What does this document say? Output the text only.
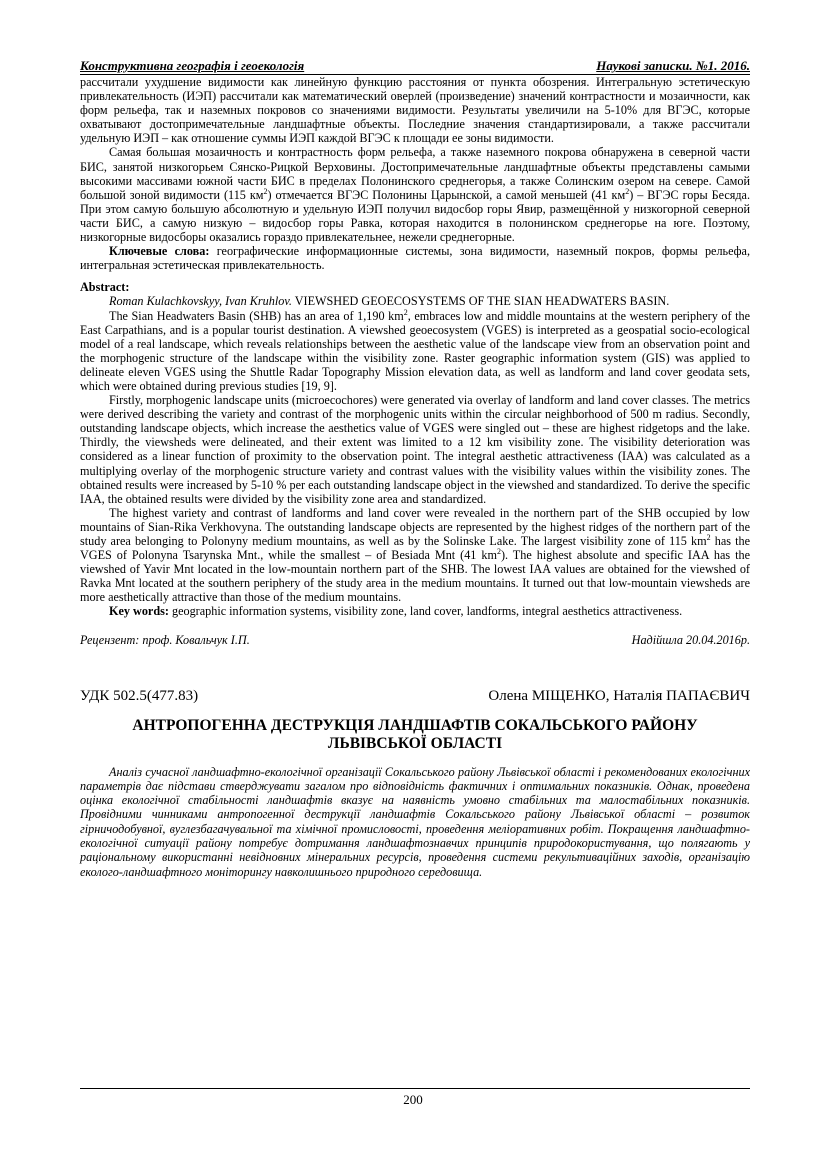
Конструктивна географія і геоекологія	Наукові записки. №1. 2016.

рассчитали ухудшение видимости как линейную функцию расстояния от пункта обозрения. Интегральную эстетическую привлекательность (ИЭП) рассчитали как математический оверлей (произведение) значений контрастности и мозаичности, как форм рельефа, так и наземных покровов со значениями видимости. Результаты увеличили на 5-10% для ВГЭС, которые охватывают достопримечательные ландшафтные объекты. Последние значения стандартизировали, а также рассчитали удельную ИЭП – как отношение суммы ИЭП каждой ВГЭС к площади ее зоны видимости.

Самая большая мозаичность и контрастность форм рельефа, а также наземного покрова обнаружена в северной части БИС, занятой низкогорьем Сянско-Рицкой Верховины. Достопримечательные ландшафтные объекты представлены самыми высокими массивами южной части БИС в пределах Полонинского среднегорья, а также Солинским озером на севере. Самой большой зоной видимости (115 $км^2$) отмечается ВГЭС Полонины Царынской, а самой меньшей (41 $км^2$) – ВГЭС горы Бесяда. При этом самую большую абсолютную и удельную ИЭП получил видосбор горы Явир, размещённой у низкогорной северной части БИС, а самую низкую – видосбор горы Равка, которая находится в полонинском среднегорье на юге. Поэтому, низкогорные видосборы оказались гораздо привлекательнее, нежели среднегорные.

Ключевые слова: географические информационные системы, зона видимости, наземный покров, формы рельефа, интегральная эстетическая привлекательность.

Abstract:

Roman Kulachkovskyy, Ivan Kruhlov. VIEWSHED GEOECOSYSTEMS OF THE SIAN HEADWATERS BASIN.

The Sian Headwaters Basin (SHB) has an area of 1,190 $km^2$, embraces low and middle mountains at the western periphery of the East Carpathians, and is a popular tourist destination. A viewshed geoecosystem (VGES) is interpreted as a geospatial socio-ecological model of a real landscape, which reveals relationships between the aesthetic value of the landscape view from an observation point and the morphogenic structure of the landscape within the visibility zone. Raster geographic information system (GIS) was applied to delineate eleven VGES using the Shuttle Radar Topography Mission elevation data, as well as landform and land cover geodata sets, which were obtained during previous studies [19, 9].

Firstly, morphogenic landscape units (microecochores) were generated via overlay of landform and land cover classes. The metrics were derived describing the variety and contrast of the morphogenic units within the circular neighborhood of 500 m radius. Secondly, outstanding landscape objects, which increase the aesthetics value of VGES were singled out – these are highest ridgetops and the lake. Thirdly, the viewsheds were delineated, and their extent was limited to a 12 km visibility zone. The visibility deterioration was considered as a linear function of proximity to the observation point. The integral aesthetic attractiveness (IAA) was calculated as a multiplying overlay of the morphogenic structure variety and contrast values with the visibility values within the visibility zones. The obtained results were increased by 5-10 % per each outstanding landscape object in the viewshed and standardized. To derive the specific IAA, the obtained results were divided by the visibility zone area and standardized.

The highest variety and contrast of landforms and land cover were revealed in the northern part of the SHB occupied by low mountains of Sian-Rika Verkhovyna. The outstanding landscape objects are represented by the highest ridges of the northern part of the study area belonging to Polonyny medium mountains, as well as by the Solinske Lake. The largest visibility zone of 115 $km^2$ has the VGES of Polonyna Tsarynska Mnt., while the smallest – of Besiada Mnt (41 $km^2$). The highest absolute and specific IAA has the viewshed of Yavir Mnt located in the low-mountain northern part of the SHB. The lowest IAA values are obtained for the viewshed of Ravka Mnt located at the southern periphery of the study area in the medium mountains. It turned out that low-mountain viewsheds are more aesthetically attractive than those of the medium mountains.

Key words: geographic information systems, visibility zone, land cover, landforms, integral aesthetics attractiveness.

Рецензент: проф. Ковальчук І.П.	Надійшла 20.04.2016р.
УДК 502.5(477.83)	Олена МІЩЕНКО, Наталія ПАПАЄВИЧ
АНТРОПОГЕННА ДЕСТРУКЦІЯ ЛАНДШАФТІВ СОКАЛЬСЬКОГО РАЙОНУ
ЛЬВІВСЬКОЇ ОБЛАСТІ

Аналіз сучасної ландшафтно-екологічної організації Сокальського району Львівської області і рекомендованих екологічних параметрів дає підстави стверджувати загалом про відповідність фактичних і оптимальних показників. Однак, проведена оцінка екологічної стабільності ландшафтів вказує на наявність умовно стабільних та малостабільних показників. Провідними чинниками антропогенної деструкції ландшафтів Сокальського району Львівської області – розвиток гірничодобувної, вуглезбагачувальної та хімічної промисловості, проведення меліоративних робіт. Покращення ландшафтно-екологічної ситуації району потребує дотримання ландшафтознавчих принципів природокористування, що полягають у раціональному використанні невідновних мінеральних ресурсів, проведення системи рекультиваційних заходів, організацію еколого-ландшафтного моніторингу навколишнього природного середовища.

200
